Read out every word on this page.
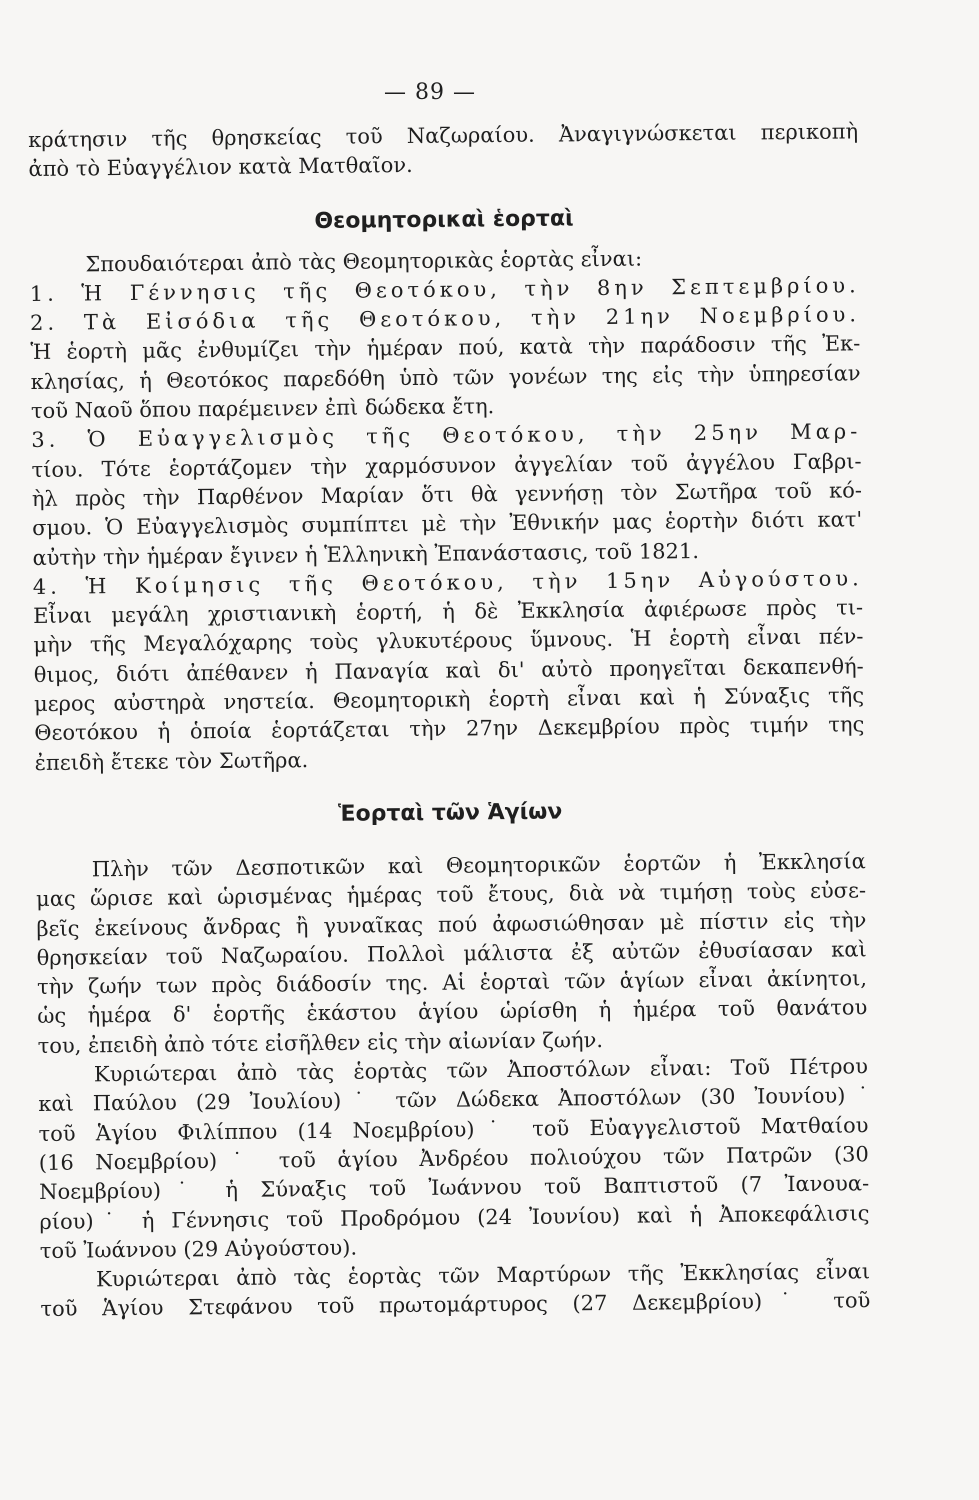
— 89 —
κράτησιν τῆς θρησκείας τοῦ Ναζωραίου. Ἀναγιγνώσκεται περικοπὴ
ἀπὸ τὸ Εὐαγγέλιον κατὰ Ματθαῖον.
Θεομητορικαὶ ἑορταὶ
Σπουδαιότεραι ἀπὸ τὰς Θεομητορικὰς ἑορτὰς εἶναι:
1. Ἡ Γέννησις τῆς Θεοτόκου, τὴν 8ην Σεπτεμβρίου.
2. Τὰ Εἰσόδια τῆς Θεοτόκου, τὴν 21ην Νοεμβρίου.
Ἡ ἑορτὴ μᾶς ἐνθυμίζει τὴν ἡμέραν πού, κατὰ τὴν παράδοσιν τῆς Ἐκ-
κλησίας, ἡ Θεοτόκος παρεδόθη ὑπὸ τῶν γονέων της εἰς τὴν ὑπηρεσίαν
τοῦ Ναοῦ ὅπου παρέμεινεν ἐπὶ δώδεκα ἔτη.
3. Ὁ Εὐαγγελισμὸς τῆς Θεοτόκου, τὴν 25ην Μαρ-
τίου. Τότε ἑορτάζομεν τὴν χαρμόσυνον ἀγγελίαν τοῦ ἀγγέλου Γαβρι-
ὴλ πρὸς τὴν Παρθένον Μαρίαν ὅτι θὰ γεννήσῃ τὸν Σωτῆρα τοῦ κό-
σμου. Ὁ Εὐαγγελισμὸς συμπίπτει μὲ τὴν Ἐθνικήν μας ἑορτὴν διότι κατ'
αὐτὴν τὴν ἡμέραν ἔγινεν ἡ Ἑλληνικὴ Ἐπανάστασις, τοῦ 1821.
4. Ἡ Κοίμησις τῆς Θεοτόκου, τὴν 15ην Αὐγούστου.
Εἶναι μεγάλη χριστιανικὴ ἑορτή, ἡ δὲ Ἐκκλησία ἀφιέρωσε πρὸς τι-
μὴν τῆς Μεγαλόχαρης τοὺς γλυκυτέρους ὕμνους. Ἡ ἑορτὴ εἶναι πέν-
θιμος, διότι ἀπέθανεν ἡ Παναγία καὶ δι' αὐτὸ προηγεῖται δεκαπενθή-
μερος αὐστηρὰ νηστεία. Θεομητορικὴ ἑορτὴ εἶναι καὶ ἡ Σύναξις τῆς
Θεοτόκου ἡ ὁποία ἑορτάζεται τὴν 27ην Δεκεμβρίου πρὸς τιμήν της
ἐπειδὴ ἔτεκε τὸν Σωτῆρα.
Ἑορταὶ τῶν Ἁγίων
Πλὴν τῶν Δεσποτικῶν καὶ Θεομητορικῶν ἑορτῶν ἡ Ἐκκλησία
μας ὥρισε καὶ ὡρισμένας ἡμέρας τοῦ ἔτους, διὰ νὰ τιμήσῃ τοὺς εὐσε-
βεῖς ἐκείνους ἄνδρας ἢ γυναῖκας πού ἀφωσιώθησαν μὲ πίστιν εἰς τὴν
θρησκείαν τοῦ Ναζωραίου. Πολλοὶ μάλιστα ἐξ αὐτῶν ἐθυσίασαν καὶ
τὴν ζωήν των πρὸς διάδοσίν της. Αἱ ἑορταὶ τῶν ἁγίων εἶναι ἀκίνητοι,
ὡς ἡμέρα δ' ἑορτῆς ἑκάστου ἁγίου ὡρίσθη ἡ ἡμέρα τοῦ θανάτου
του, ἐπειδὴ ἀπὸ τότε εἰσῆλθεν εἰς τὴν αἰωνίαν ζωήν.
Κυριώτεραι ἀπὸ τὰς ἑορτὰς τῶν Ἀποστόλων εἶναι: Τοῦ Πέτρου
καὶ Παύλου (29 Ἰουλίου)˙ τῶν Δώδεκα Ἀποστόλων (30 Ἰουνίου)˙
τοῦ Ἁγίου Φιλίππου (14 Νοεμβρίου)˙ τοῦ Εὐαγγελιστοῦ Ματθαίου
(16 Νοεμβρίου)˙ τοῦ ἁγίου Ἀνδρέου πολιούχου τῶν Πατρῶν (30
Νοεμβρίου)˙ ἡ Σύναξις τοῦ Ἰωάννου τοῦ Βαπτιστοῦ (7 Ἰανουα-
ρίου)˙ ἡ Γέννησις τοῦ Προδρόμου (24 Ἰουνίου) καὶ ἡ Ἀποκεφάλισις
τοῦ Ἰωάννου (29 Αὐγούστου).
Κυριώτεραι ἀπὸ τὰς ἑορτὰς τῶν Μαρτύρων τῆς Ἐκκλησίας εἶναι
τοῦ Ἁγίου Στεφάνου τοῦ πρωτομάρτυρος (27 Δεκεμβρίου)˙ τοῦ
